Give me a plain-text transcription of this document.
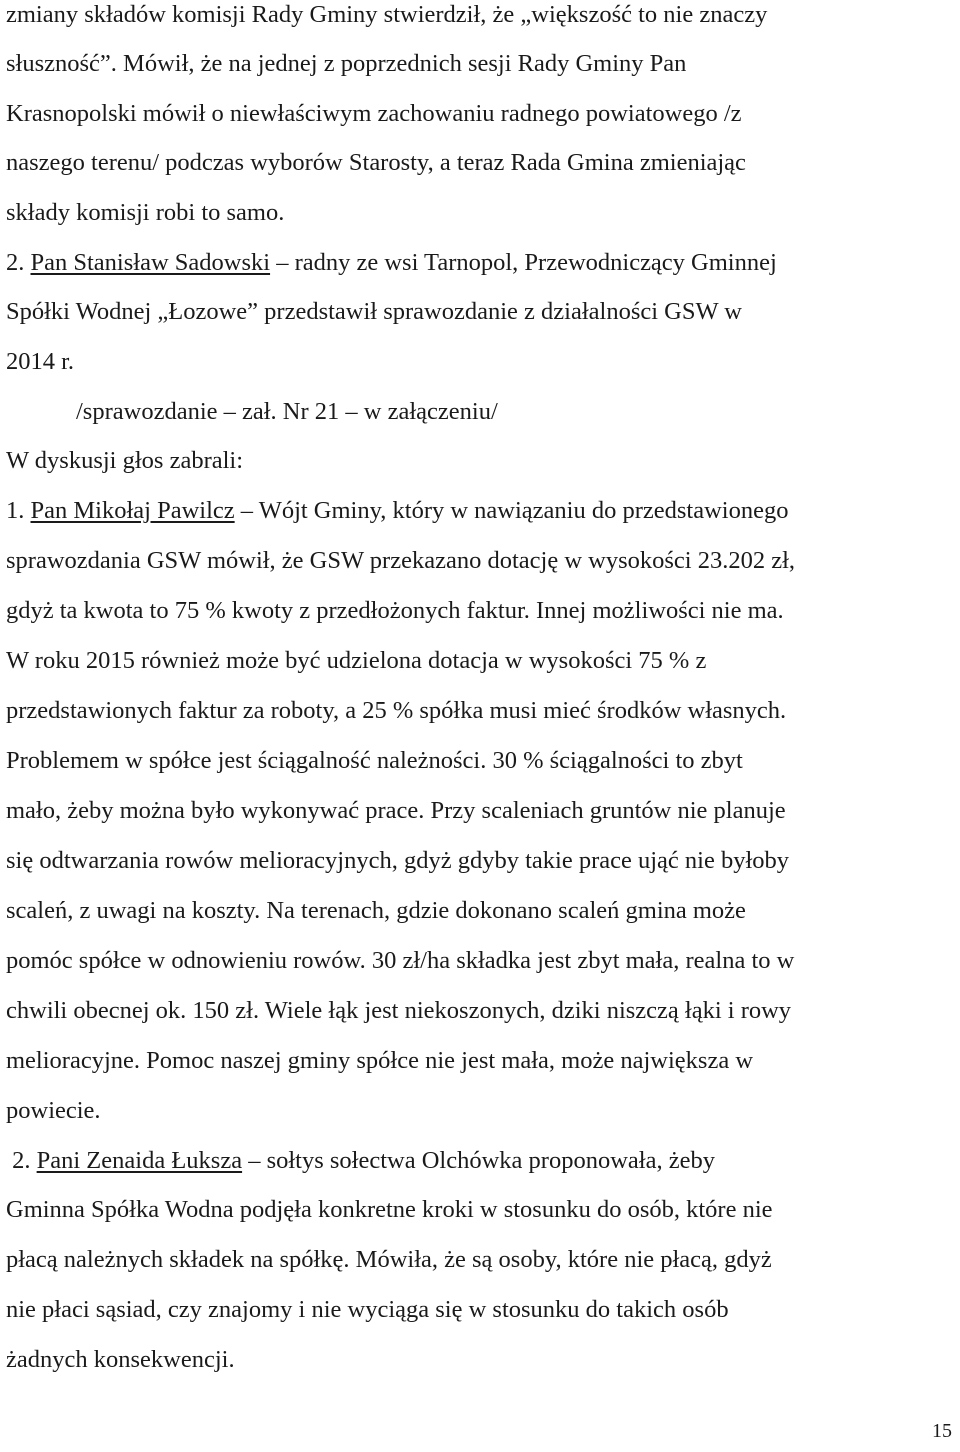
zmiany składów komisji Rady Gminy stwierdził, że „większość to nie znaczy
słuszność”. Mówił, że na jednej z poprzednich sesji Rady Gminy Pan
Krasnopolski mówił o niewłaściwym zachowaniu radnego powiatowego /z
naszego terenu/ podczas wyborów Starosty, a teraz Rada Gmina zmieniając
składy komisji robi to samo.
2. Pan Stanisław Sadowski – radny ze wsi Tarnopol, Przewodniczący Gminnej
Spółki Wodnej „Łozowe” przedstawił sprawozdanie z działalności GSW w
2014 r.
/sprawozdanie – zał. Nr 21 – w załączeniu/
W dyskusji głos zabrali:
1. Pan Mikołaj Pawilcz – Wójt Gminy, który w nawiązaniu do przedstawionego
sprawozdania GSW mówił, że GSW przekazano dotację w wysokości 23.202 zł,
gdyż ta kwota to 75 % kwoty z przedłożonych faktur. Innej możliwości nie ma.
W roku 2015 również może być udzielona dotacja w wysokości 75 % z
przedstawionych faktur za roboty, a 25 % spółka musi mieć środków własnych.
Problemem w spółce jest ściągalność należności. 30 % ściągalności to zbyt
mało, żeby można było wykonywać prace. Przy scaleniach gruntów nie planuje
się odtwarzania rowów melioracyjnych, gdyż gdyby takie prace ująć nie byłoby
scaleń, z uwagi na koszty. Na terenach, gdzie dokonano scaleń gmina może
pomóc spółce w odnowieniu rowów. 30 zł/ha składka jest zbyt mała, realna to w
chwili obecnej ok. 150 zł. Wiele łąk jest niekoszonych, dziki niszczą łąki i rowy
melioracyjne. Pomoc naszej gminy spółce nie jest mała, może największa w
powiecie.
2. Pani Zenaida Łuksza – sołtys sołectwa Olchówka proponowała, żeby
Gminna Spółka Wodna podjęła konkretne kroki w stosunku do osób, które nie
płacą należnych składek na spółkę. Mówiła, że są osoby, które nie płacą, gdyż
nie płaci sąsiad, czy znajomy i nie wyciąga się w stosunku do takich osób
żadnych konsekwencji.
15
